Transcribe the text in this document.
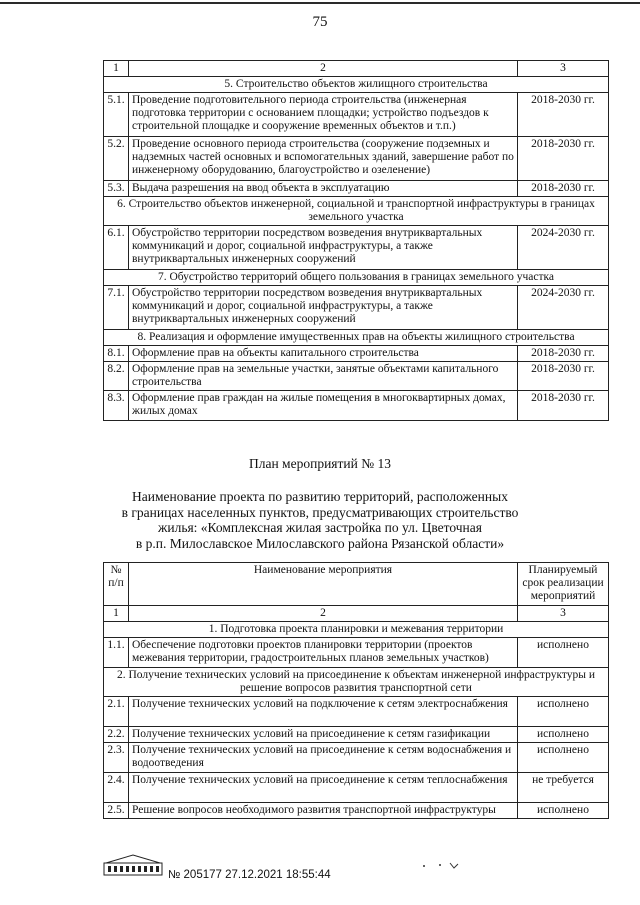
75
1	2	3
5. Строительство объектов жилищного строительства		
5.1.	Проведение подготовительного периода строительства (инженерная подготовка территории с основанием площадки; устройство подъездов к строительной площадке и сооружение временных объектов и т.п.)	2018-2030 гг.
5.2.	Проведение основного периода строительства (сооружение подземных и надземных частей основных и вспомогательных зданий, завершение работ по инженерному оборудованию, благоустройство и озеленение)	2018-2030 гг.
5.3.	Выдача разрешения на ввод объекта в эксплуатацию	2018-2030 гг.
6. Строительство объектов инженерной, социальной и транспортной инфраструктуры в границах земельного участка		
6.1.	Обустройство территории посредством возведения внутриквартальных коммуникаций и дорог, социальной инфраструктуры, а также внутриквартальных инженерных сооружений	2024-2030 гг.
7. Обустройство территорий общего пользования в границах земельного участка		
7.1.	Обустройство территории посредством возведения внутриквартальных коммуникаций и дорог, социальной инфраструктуры, а также внутриквартальных инженерных сооружений	2024-2030 гг.
8. Реализация и оформление имущественных прав на объекты жилищного строительства		
8.1.	Оформление прав на объекты капитального строительства	2018-2030 гг.
8.2.	Оформление прав на земельные участки, занятые объектами капитального строительства	2018-2030 гг.
8.3.	Оформление прав граждан на жилые помещения в многоквартирных домах, жилых домах	2018-2030 гг.
План мероприятий № 13
Наименование проекта по развитию территорий, расположенных
в границах населенных пунктов, предусматривающих строительство
жилья: «Комплексная жилая застройка по ул. Цветочная
в р.п. Милославское Милославского района Рязанской области»
№ п/п	Наименование мероприятия	Планируемый срок реализации мероприятий
1	2	3
1. Подготовка проекта планировки и межевания территории		
1.1.	Обеспечение подготовки проектов планировки территории (проектов межевания территории, градостроительных планов земельных участков)	исполнено
2. Получение технических условий на присоединение к объектам инженерной инфраструктуры и решение вопросов развития транспортной сети		
2.1.	Получение технических условий на подключение к сетям электроснабжения	исполнено
2.2.	Получение технических условий на присоединение к сетям газификации	исполнено
2.3.	Получение технических условий на присоединение к сетям водоснабжения и водоотведения	исполнено
2.4.	Получение технических условий на присоединение к сетям теплоснабжения	не требуется
2.5.	Решение вопросов необходимого развития транспортной инфраструктуры	исполнено
№ 205177 27.12.2021 18:55:44
